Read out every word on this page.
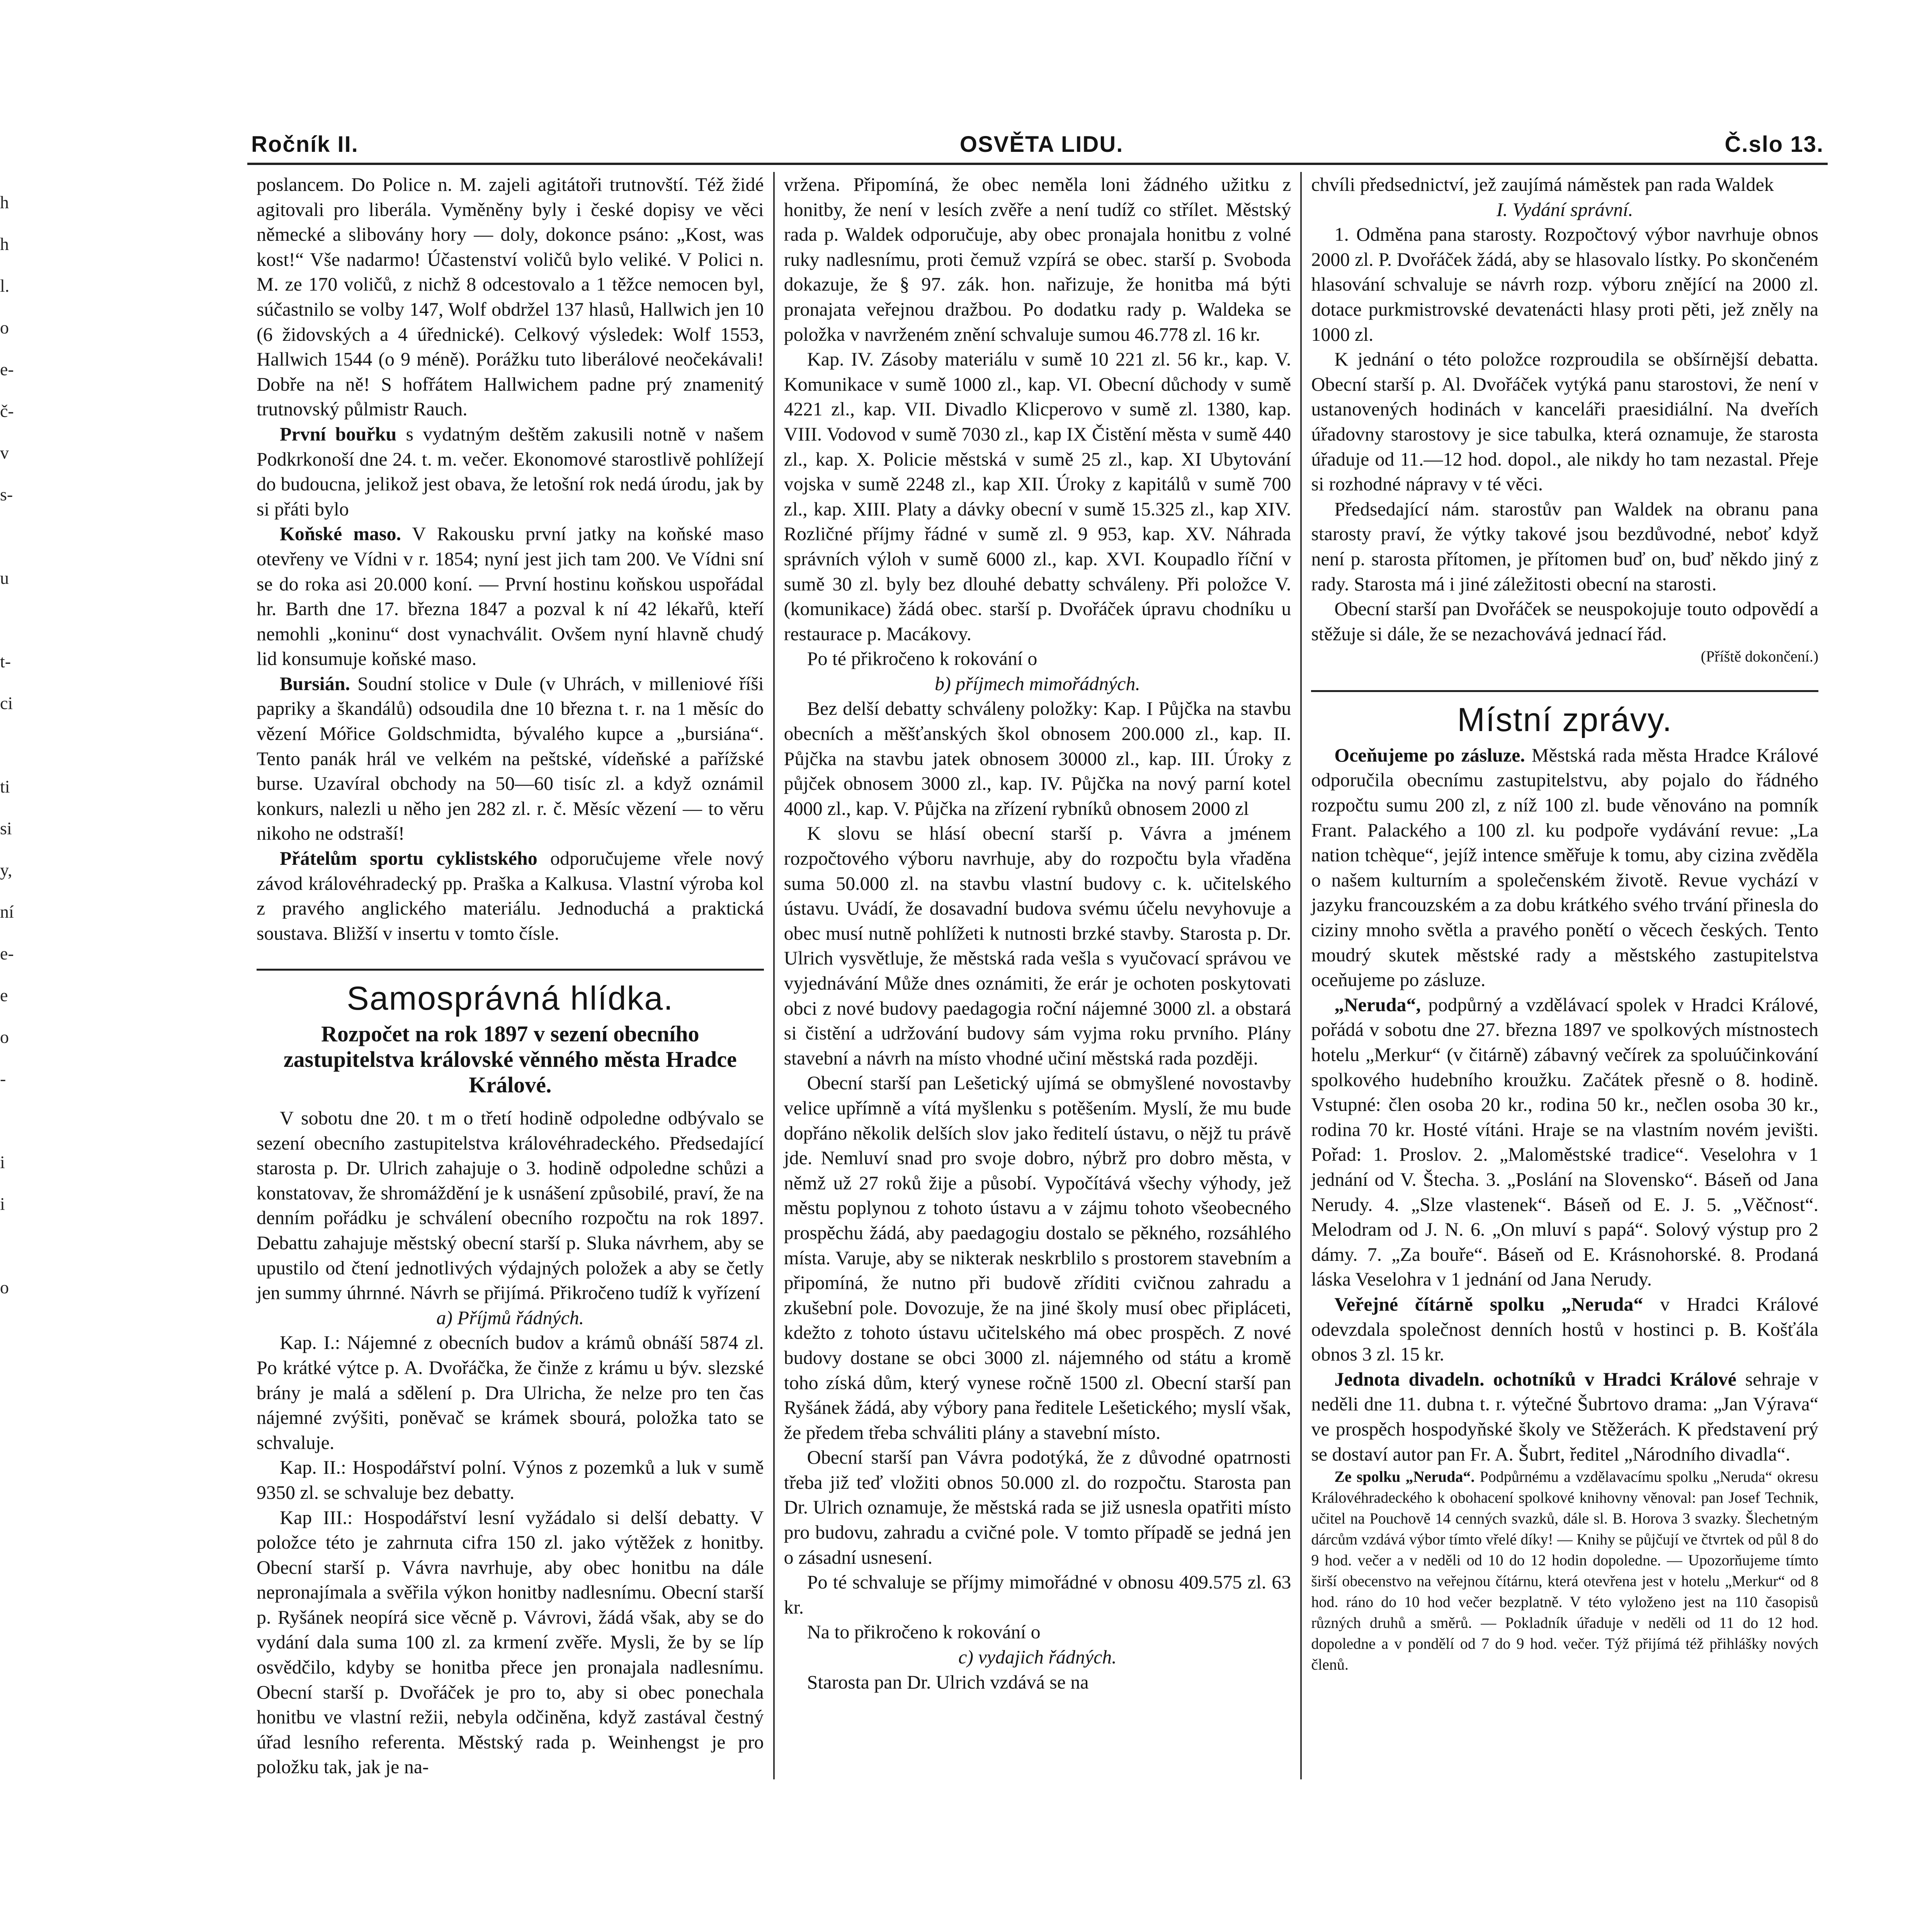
h
h
l.
o
e-
č-
v
s-

u

t-
ci

ti
si
y,
ní
e-
e
o
-

i
i

o

Ročník II.	OSVĚTA LIDU.	Č.slo 13.

poslancem. Do Police n. M. zajeli agitátoři trutnovští. Též židé agitovali pro liberála. Vyměněny byly i české dopisy ve věci německé a slibovány hory — doly, dokonce psáno: „Kost, was kost!“ Vše nadarmo! Účastenství voličů bylo veliké. V Polici n. M. ze 170 voličů, z nichž 8 odcestovalo a 1 těžce nemocen byl, súčastnilo se volby 147, Wolf obdržel 137 hlasů, Hallwich jen 10 (6 židovských a 4 úřednické). Celkový výsledek: Wolf 1553, Hallwich 1544 (o 9 méně). Porážku tuto liberálové neočekávali! Dobře na ně! S hofřátem Hallwichem padne prý znamenitý trutnovský půlmistr Rauch.

První bouřku s vydatným deštěm zakusili notně v našem Podkrkonoší dne 24. t. m. večer. Ekonomové starostlivě pohlížejí do budoucna, jelikož jest obava, že letošní rok nedá úrodu, jak by si přáti bylo

Koňské maso. V Rakousku první jatky na koňské maso otevřeny ve Vídni v r. 1854; nyní jest jich tam 200. Ve Vídni sní se do roka asi 20.000 koní. — První hostinu koňskou uspořádal hr. Barth dne 17. března 1847 a pozval k ní 42 lékařů, kteří nemohli „koninu“ dost vynachválit. Ovšem nyní hlavně chudý lid konsumuje koňské maso.

Bursián. Soudní stolice v Dule (v Uhrách, v milleniové říši papriky a škandálů) odsoudila dne 10 března t. r. na 1 měsíc do vězení Móřice Goldschmidta, bývalého kupce a „bursiána“. Tento panák hrál ve velkém na peštské, vídeňské a pařížské burse. Uzavíral obchody na 50—60 tisíc zl. a když oznámil konkurs, nalezli u něho jen 282 zl. r. č. Měsíc vězení — to věru nikoho ne odstraší!

Přátelům sportu cyklistského odporučujeme vřele nový závod královéhradecký pp. Praška a Kalkusa. Vlastní výroba kol z pravého anglického materiálu. Jednoduchá a praktická soustava. Bližší v insertu v tomto čísle.

Samosprávná hlídka.
Rozpočet na rok 1897 v sezení obecního zastupitelstva královské věnného města Hradce Králové.

V sobotu dne 20. t m o třetí hodině odpoledne odbývalo se sezení obecního zastupitelstva královéhradeckého. Předsedající starosta p. Dr. Ulrich zahajuje o 3. hodině odpoledne schůzi a konstatovav, že shromáždění je k usnášení způsobilé, praví, že na denním pořádku je schválení obecního rozpočtu na rok 1897. Debattu zahajuje městský obecní starší p. Sluka návrhem, aby se upustilo od čtení jednotlivých výdajných položek a aby se četly jen summy úhrnné. Návrh se přijímá. Přikročeno tudíž k vyřízení

a) Příjmů řádných.

Kap. I.: Nájemné z obecních budov a krámů obnáší 5874 zl. Po krátké výtce p. A. Dvořáčka, že činže z krámu u býv. slezské brány je malá a sdělení p. Dra Ulricha, že nelze pro ten čas nájemné zvýšiti, poněvač se krámek sbourá, položka tato se schvaluje.

Kap. II.: Hospodářství polní. Výnos z pozemků a luk v sumě 9350 zl. se schvaluje bez debatty.

Kap III.: Hospodářství lesní vyžádalo si delší debatty. V položce této je zahrnuta cifra 150 zl. jako výtěžek z honitby. Obecní starší p. Vávra navrhuje, aby obec honitbu na dále nepronajímala a svěřila výkon honitby nadlesnímu. Obecní starší p. Ryšánek neopírá sice věcně p. Vávrovi, žádá však, aby se do vydání dala suma 100 zl. za krmení zvěře. Mysli, že by se líp osvědčilo, kdyby se honitba přece jen pronajala nadlesnímu. Obecní starší p. Dvořáček je pro to, aby si obec ponechala honitbu ve vlastní režii, nebyla odčiněna, když zastával čestný úřad lesního referenta. Městský rada p. Weinhengst je pro položku tak, jak je na-

vržena. Připomíná, že obec neměla loni žádného užitku z honitby, že není v lesích zvěře a není tudíž co střílet. Městský rada p. Waldek odporučuje, aby obec pronajala honitbu z volné ruky nadlesnímu, proti čemuž vzpírá se obec. starší p. Svoboda dokazuje, že § 97. zák. hon. nařizuje, že honitba má býti pronajata veřejnou dražbou. Po dodatku rady p. Waldeka se položka v navrženém znění schvaluje sumou 46.778 zl. 16 kr.

Kap. IV. Zásoby materiálu v sumě 10 221 zl. 56 kr., kap. V. Komunikace v sumě 1000 zl., kap. VI. Obecní důchody v sumě 4221 zl., kap. VII. Divadlo Klicperovo v sumě zl. 1380, kap. VIII. Vodovod v sumě 7030 zl., kap IX Čistění města v sumě 440 zl., kap. X. Policie městská v sumě 25 zl., kap. XI Ubytování vojska v sumě 2248 zl., kap XII. Úroky z kapitálů v sumě 700 zl., kap. XIII. Platy a dávky obecní v sumě 15.325 zl., kap XIV. Rozličné příjmy řádné v sumě zl. 9 953, kap. XV. Náhrada správních výloh v sumě 6000 zl., kap. XVI. Koupadlo říční v sumě 30 zl. byly bez dlouhé debatty schváleny. Při položce V. (komunikace) žádá obec. starší p. Dvořáček úpravu chodníku u restaurace p. Macákovy.

Po té přikročeno k rokování o

b) příjmech mimořádných.

Bez delší debatty schváleny položky: Kap. I Půjčka na stavbu obecních a měšťanských škol obnosem 200.000 zl., kap. II. Půjčka na stavbu jatek obnosem 30000 zl., kap. III. Úroky z půjček obnosem 3000 zl., kap. IV. Půjčka na nový parní kotel 4000 zl., kap. V. Půjčka na zřízení rybníků obnosem 2000 zl

K slovu se hlásí obecní starší p. Vávra a jménem rozpočtového výboru navrhuje, aby do rozpočtu byla vřaděna suma 50.000 zl. na stavbu vlastní budovy c. k. učitelského ústavu. Uvádí, že dosavadní budova svému účelu nevyhovuje a obec musí nutně pohlížeti k nutnosti brzké stavby. Starosta p. Dr. Ulrich vysvětluje, že městská rada vešla s vyučovací správou ve vyjednávání Může dnes oznámiti, že erár je ochoten poskytovati obci z nové budovy paedagogia roční nájemné 3000 zl. a obstará si čistění a udržování budovy sám vyjma roku prvního. Plány stavební a návrh na místo vhodné učiní městská rada později.

Obecní starší pan Lešetický ujímá se obmyšlené novostavby velice upřímně a vítá myšlenku s potěšením. Myslí, že mu bude dopřáno několik delších slov jako ředitelí ústavu, o nějž tu právě jde. Nemluví snad pro svoje dobro, nýbrž pro dobro města, v němž už 27 roků žije a působí. Vypočítává všechy výhody, jež městu poplynou z tohoto ústavu a v zájmu tohoto všeobecného prospěchu žádá, aby paedagogiu dostalo se pěkného, rozsáhlého místa. Varuje, aby se nikterak neskrblilo s prostorem stavebním a připomíná, že nutno při budově zříditi cvičnou zahradu a zkušební pole. Dovozuje, že na jiné školy musí obec připláceti, kdežto z tohoto ústavu učitelského má obec prospěch. Z nové budovy dostane se obci 3000 zl. nájemného od státu a kromě toho získá dům, který vynese ročně 1500 zl. Obecní starší pan Ryšánek žádá, aby výbory pana ředitele Lešetického; myslí však, že předem třeba schváliti plány a stavební místo.

Obecní starší pan Vávra podotýká, že z důvodné opatrnosti třeba již teď vložiti obnos 50.000 zl. do rozpočtu. Starosta pan Dr. Ulrich oznamuje, že městská rada se již usnesla opatřiti místo pro budovu, zahradu a cvičné pole. V tomto případě se jedná jen o zásadní usnesení.

Po té schvaluje se příjmy mimořádné v obnosu 409.575 zl. 63 kr.

Na to přikročeno k rokování o

c) vydajich řádných.

Starosta pan Dr. Ulrich vzdává se na

chvíli předsednictví, jež zaujímá náměstek pan rada Waldek

I. Vydání správní.

1. Odměna pana starosty. Rozpočtový výbor navrhuje obnos 2000 zl. P. Dvořáček žádá, aby se hlasovalo lístky. Po skončeném hlasování schvaluje se návrh rozp. výboru znějící na 2000 zl. dotace purkmistrovské devatenácti hlasy proti pěti, jež zněly na 1000 zl.

K jednání o této položce rozproudila se obšírnější debatta. Obecní starší p. Al. Dvořáček vytýká panu starostovi, že není v ustanovených hodinách v kanceláři praesidiální. Na dveřích úřadovny starostovy je sice tabulka, která oznamuje, že starosta úřaduje od 11.—12 hod. dopol., ale nikdy ho tam nezastal. Přeje si rozhodné nápravy v té věci.

Předsedající nám. starostův pan Waldek na obranu pana starosty praví, že výtky takové jsou bezdůvodné, neboť když není p. starosta přítomen, je přítomen buď on, buď někdo jiný z rady. Starosta má i jiné záležitosti obecní na starosti.

Obecní starší pan Dvořáček se neuspokojuje touto odpovědí a stěžuje si dále, že se nezachovává jednací řád.

(Příště dokončení.)

Místní zprávy.

Oceňujeme po zásluze. Městská rada města Hradce Králové odporučila obecnímu zastupitelstvu, aby pojalo do řádného rozpočtu sumu 200 zl, z níž 100 zl. bude věnováno na pomník Frant. Palackého a 100 zl. ku podpoře vydávání revue: „La nation tchèque“, jejíž intence směřuje k tomu, aby cizina zvěděla o našem kulturním a společenském životě. Revue vychází v jazyku francouzském a za dobu krátkého svého trvání přinesla do ciziny mnoho světla a pravého ponětí o věcech českých. Tento moudrý skutek městské rady a městského zastupitelstva oceňujeme po zásluze.

„Neruda“, podpůrný a vzdělávací spolek v Hradci Králové, pořádá v sobotu dne 27. března 1897 ve spolkových místnostech hotelu „Merkur“ (v čitárně) zábavný večírek za spoluúčinkování spolkového hudebního kroužku. Začátek přesně o 8. hodině. Vstupné: člen osoba 20 kr., rodina 50 kr., nečlen osoba 30 kr., rodina 70 kr. Hosté vítáni. Hraje se na vlastním novém jevišti. Pořad: 1. Proslov. 2. „Maloměstské tradice“. Veselohra v 1 jednání od V. Štecha. 3. „Poslání na Slovensko“. Báseň od Jana Nerudy. 4. „Slze vlastenek“. Báseň od E. J. 5. „Věčnost“. Melodram od J. N. 6. „On mluví s papá“. Solový výstup pro 2 dámy. 7. „Za bouře“. Báseň od E. Krásnohorské. 8. Prodaná láska Veselohra v 1 jednání od Jana Nerudy.

Veřejné čítárně spolku „Neruda“ v Hradci Králové odevzdala společnost denních hostů v hostinci p. B. Košťála obnos 3 zl. 15 kr.

Jednota divadeln. ochotníků v Hradci Králové sehraje v neděli dne 11. dubna t. r. výtečné Šubrtovo drama: „Jan Výrava“ ve prospěch hospodyňské školy ve Stěžerách. K představení prý se dostaví autor pan Fr. A. Šubrt, ředitel „Národního divadla“.

Ze spolku „Neruda“. Podpůrnému a vzdělavacímu spolku „Neruda“ okresu Královéhradeckého k obohacení spolkové knihovny věnoval: pan Josef Technik, učitel na Pouchově 14 cenných svazků, dále sl. B. Horova 3 svazky. Šlechetným dárcům vzdává výbor tímto vřelé díky! — Knihy se půjčují ve čtvrtek od půl 8 do 9 hod. večer a v neděli od 10 do 12 hodin dopoledne. — Upozorňujeme tímto širší obecenstvo na veřejnou čítárnu, která otevřena jest v hotelu „Merkur“ od 8 hod. ráno do 10 hod večer bezplatně. V této vyloženo jest na 110 časopisů různých druhů a směrů. — Pokladník úřaduje v neděli od 11 do 12 hod. dopoledne a v pondělí od 7 do 9 hod. večer. Týž přijímá též přihlášky nových členů.
